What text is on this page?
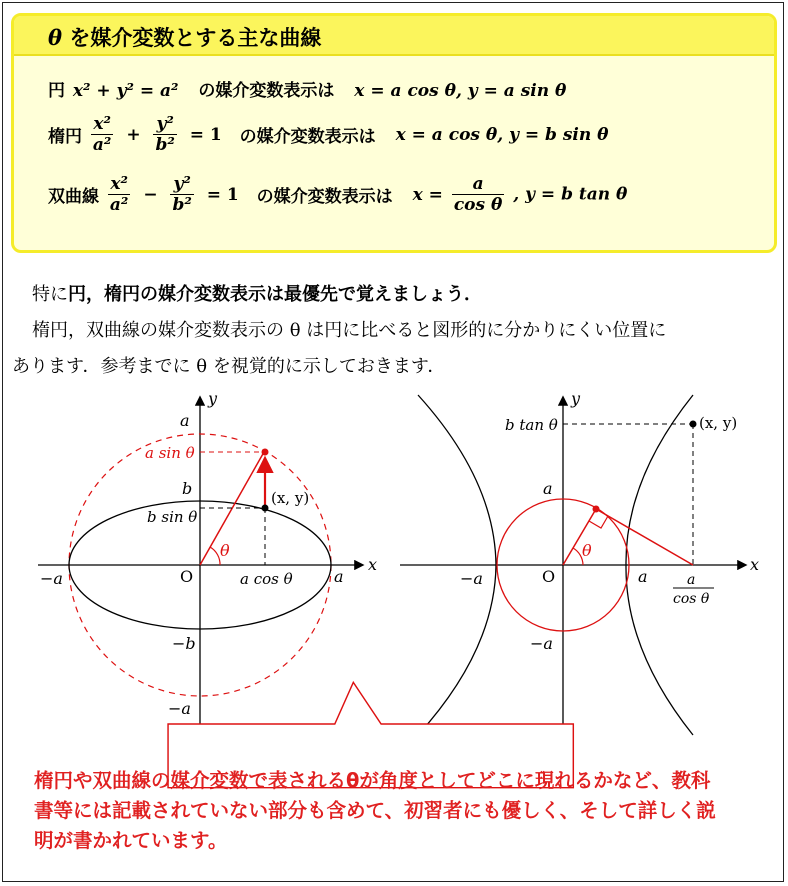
θ を媒介変数とする主な曲線
円 x² + y² = a² の媒介変数表示は x = a cos θ, y = a sin θ
楕円 $\frac{\text{x²}}{\text{a²}} + \frac{\text{y²}}{\text{b²}} = 1$ の媒介変数表示は x = a cos θ, y = b sin θ
双曲線 $\frac{\text{x²}}{\text{a²}} - \frac{\text{y²}}{\text{b²}} = 1$ の媒介変数表示は $x = \frac{a}{\text{cos θ}}$ , y = b tan θ
特に円，楕円の媒介変数表示は最優先で覚えましょう．
楕円，双曲線の媒介変数表示の θ は円に比べると図形的に分かりにくい位置に
あります．参考までに θ を視覚的に示しておきます．
x
y
a
a sin θ
b
b sin θ
(x, y)
θ
O
−a	a cos θ	a
−b
−a
x
y
b tan θ	(x, y)
a
θ
O
−a	a	a
cos θ
−a
楕円や双曲線の媒介変数で表されるθが角度としてどこに現れるかなど、教科書等には記載されていない部分も含めて、初習者にも優しく、そして詳しく説明が書かれています。
